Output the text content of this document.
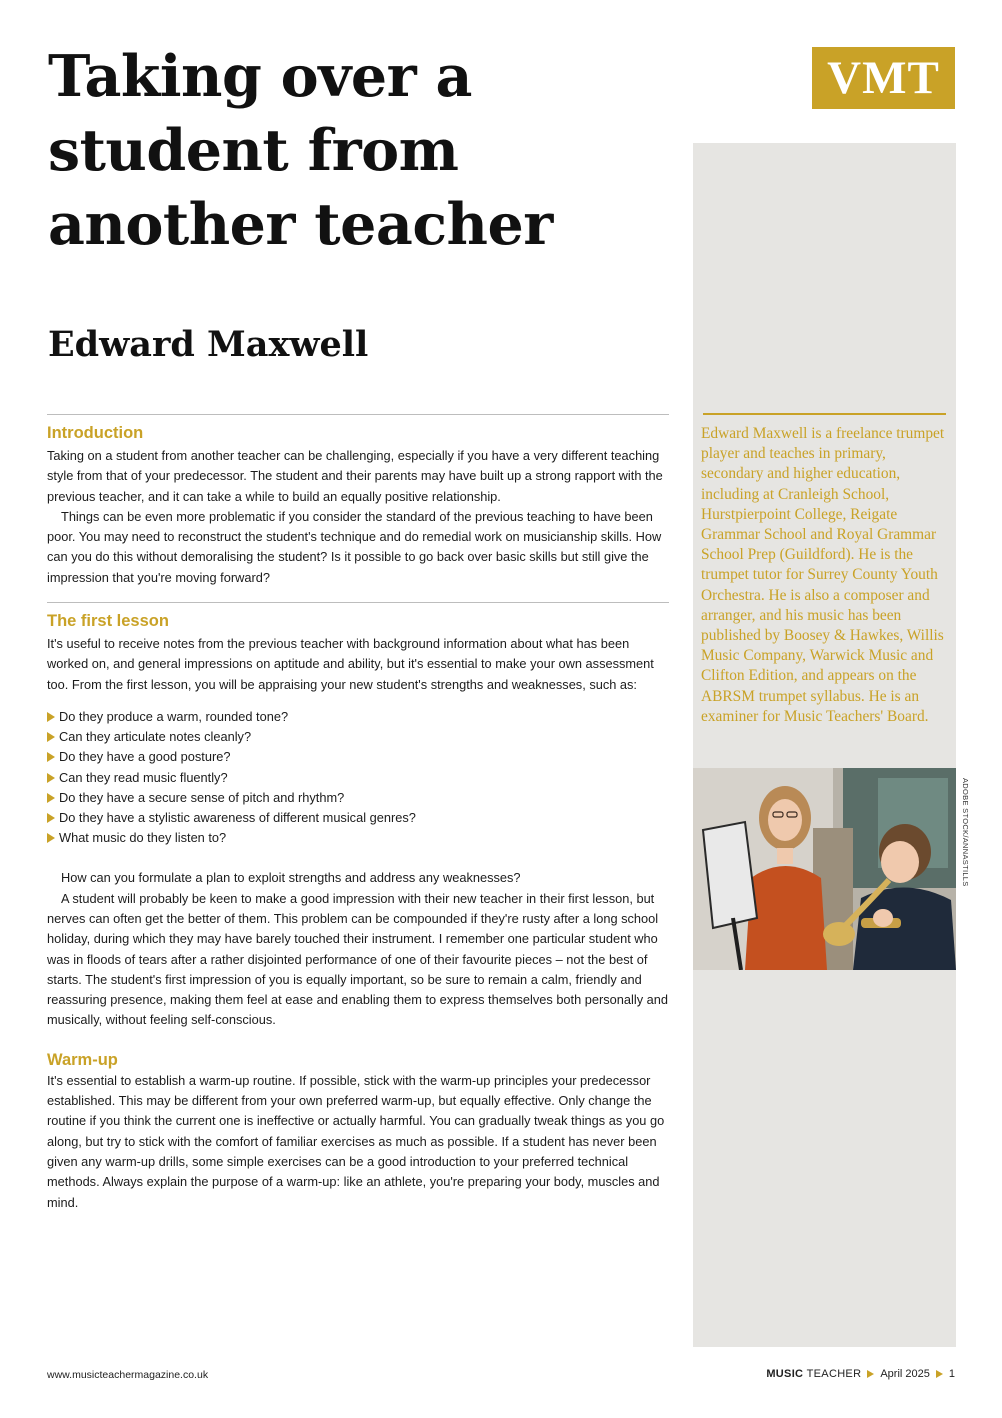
Taking over a student from another teacher
Edward Maxwell
VMT

Edward Maxwell is a freelance trumpet player and teaches in primary, secondary and higher education, including at Cranleigh School, Hurstpierpoint College, Reigate Grammar School and Royal Grammar School Prep (Guildford). He is the trumpet tutor for Surrey County Youth Orchestra. He is also a composer and arranger, and his music has been published by Boosey & Hawkes, Willis Music Company, Warwick Music and Clifton Edition, and appears on the ABRSM trumpet syllabus. He is an examiner for Music Teachers' Board.

ADOBE STOCK/ANNASTILLS
Introduction

Taking on a student from another teacher can be challenging, especially if you have a very different teaching style from that of your predecessor. The student and their parents may have built up a strong rapport with the previous teacher, and it can take a while to build an equally positive relationship.

Things can be even more problematic if you consider the standard of the previous teaching to have been poor. You may need to reconstruct the student's technique and do remedial work on musicianship skills. How can you do this without demoralising the student? Is it possible to go back over basic skills but still give the impression that you're moving forward?

The first lesson

It's useful to receive notes from the previous teacher with background information about what has been worked on, and general impressions on aptitude and ability, but it's essential to make your own assessment too. From the first lesson, you will be appraising your new student's strengths and weaknesses, such as:

Do they produce a warm, rounded tone?
Can they articulate notes cleanly?
Do they have a good posture?
Can they read music fluently?
Do they have a secure sense of pitch and rhythm?
Do they have a stylistic awareness of different musical genres?
What music do they listen to?

How can you formulate a plan to exploit strengths and address any weaknesses?

A student will probably be keen to make a good impression with their new teacher in their first lesson, but nerves can often get the better of them. This problem can be compounded if they're rusty after a long school holiday, during which they may have barely touched their instrument. I remember one particular student who was in floods of tears after a rather disjointed performance of one of their favourite pieces – not the best of starts. The student's first impression of you is equally important, so be sure to remain a calm, friendly and reassuring presence, making them feel at ease and enabling them to express themselves both personally and musically, without feeling self-conscious.

Warm-up

It's essential to establish a warm-up routine. If possible, stick with the warm-up principles your predecessor established. This may be different from your own preferred warm-up, but equally effective. Only change the routine if you think the current one is ineffective or actually harmful. You can gradually tweak things as you go along, but try to stick with the comfort of familiar exercises as much as possible. If a student has never been given any warm-up drills, some simple exercises can be a good introduction to your preferred technical methods. Always explain the purpose of a warm-up: like an athlete, you're preparing your body, muscles and mind.

www.musicteachermagazine.co.uk	MUSIC TEACHER April 2025 1
